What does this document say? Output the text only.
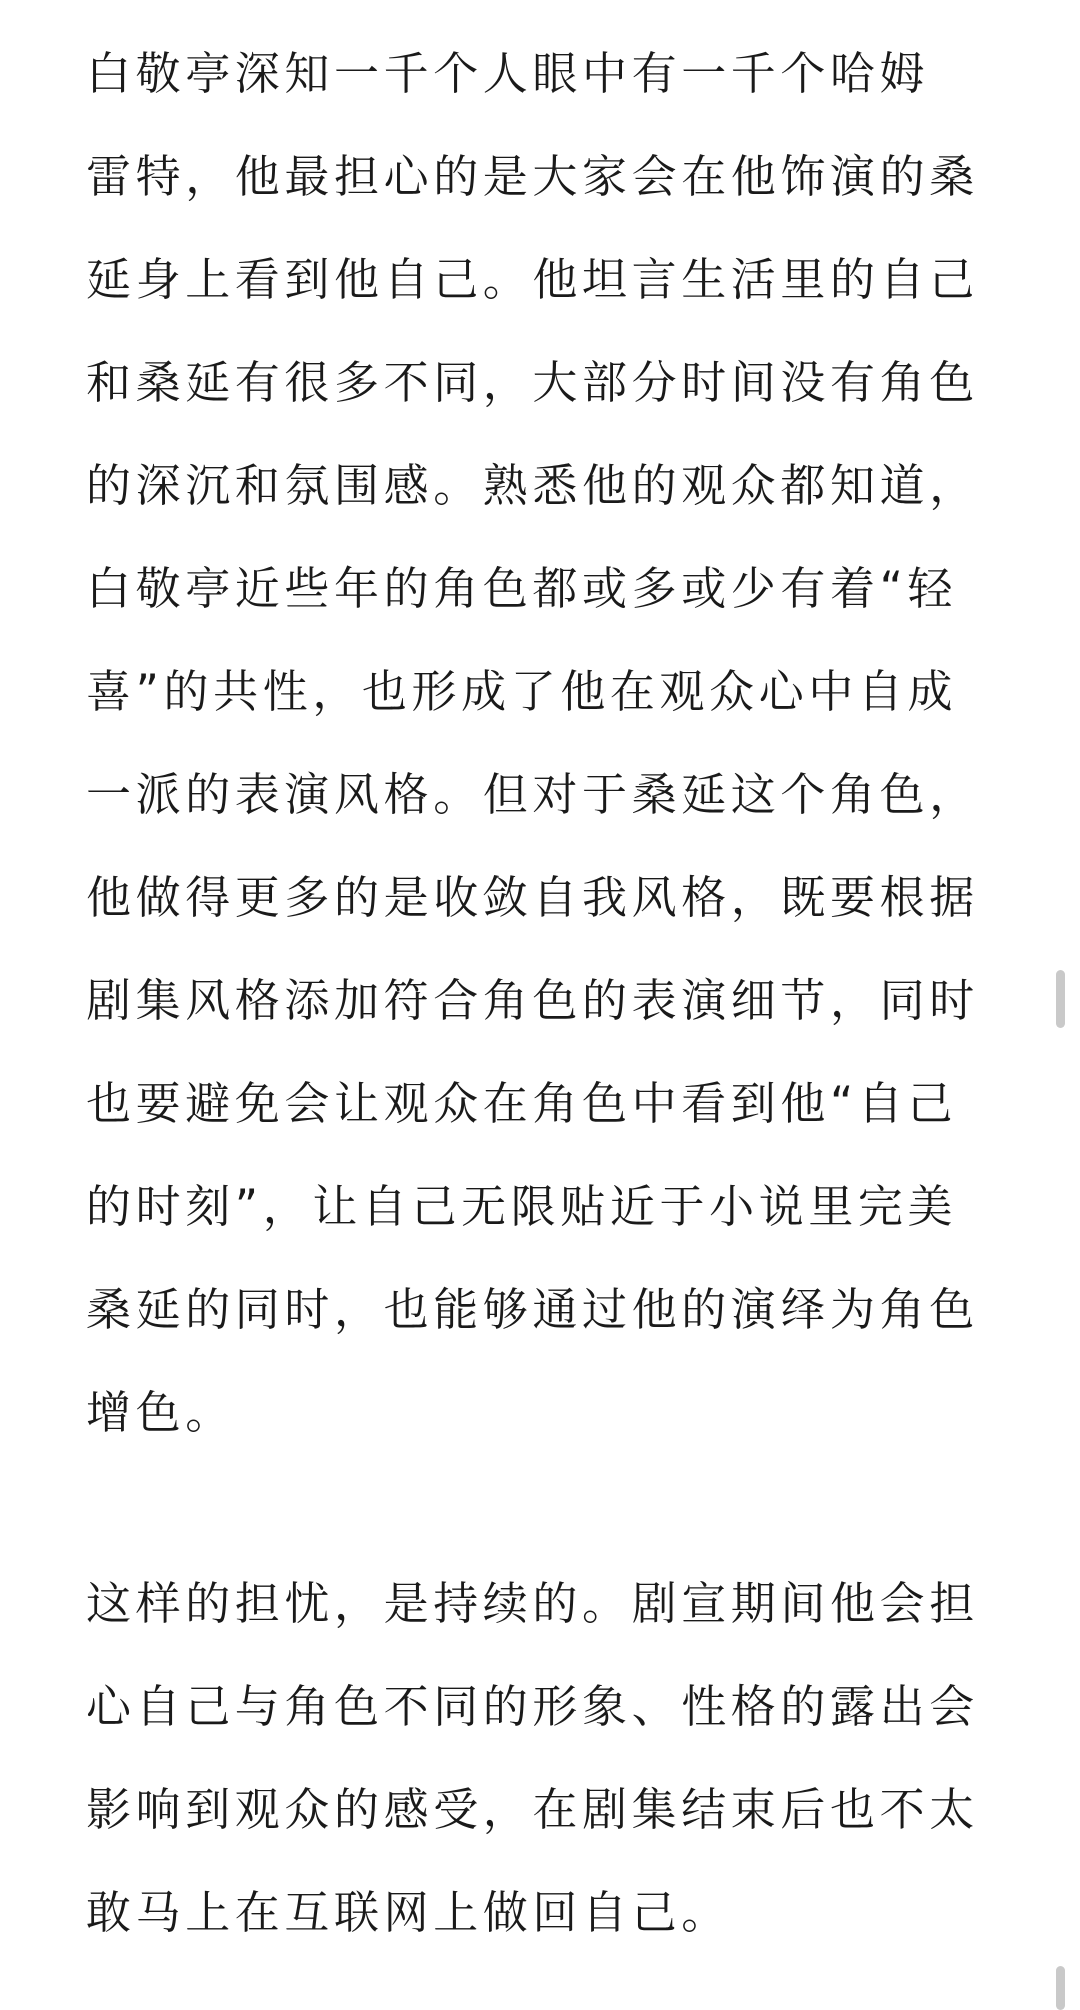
白敬亭深知一千个人眼中有一千个哈姆
雷特，他最担心的是大家会在他饰演的桑
延身上看到他自己。他坦言生活里的自己
和桑延有很多不同，大部分时间没有角色
的深沉和氛围感。熟悉他的观众都知道，
白敬亭近些年的角色都或多或少有着“轻
喜”的共性，也形成了他在观众心中自成
一派的表演风格。但对于桑延这个角色，
他做得更多的是收敛自我风格，既要根据
剧集风格添加符合角色的表演细节，同时
也要避免会让观众在角色中看到他“自己
的时刻”，让自己无限贴近于小说里完美
桑延的同时，也能够通过他的演绎为角色
增色。

这样的担忧，是持续的。剧宣期间他会担
心自己与角色不同的形象、性格的露出会
影响到观众的感受，在剧集结束后也不太
敢马上在互联网上做回自己。
